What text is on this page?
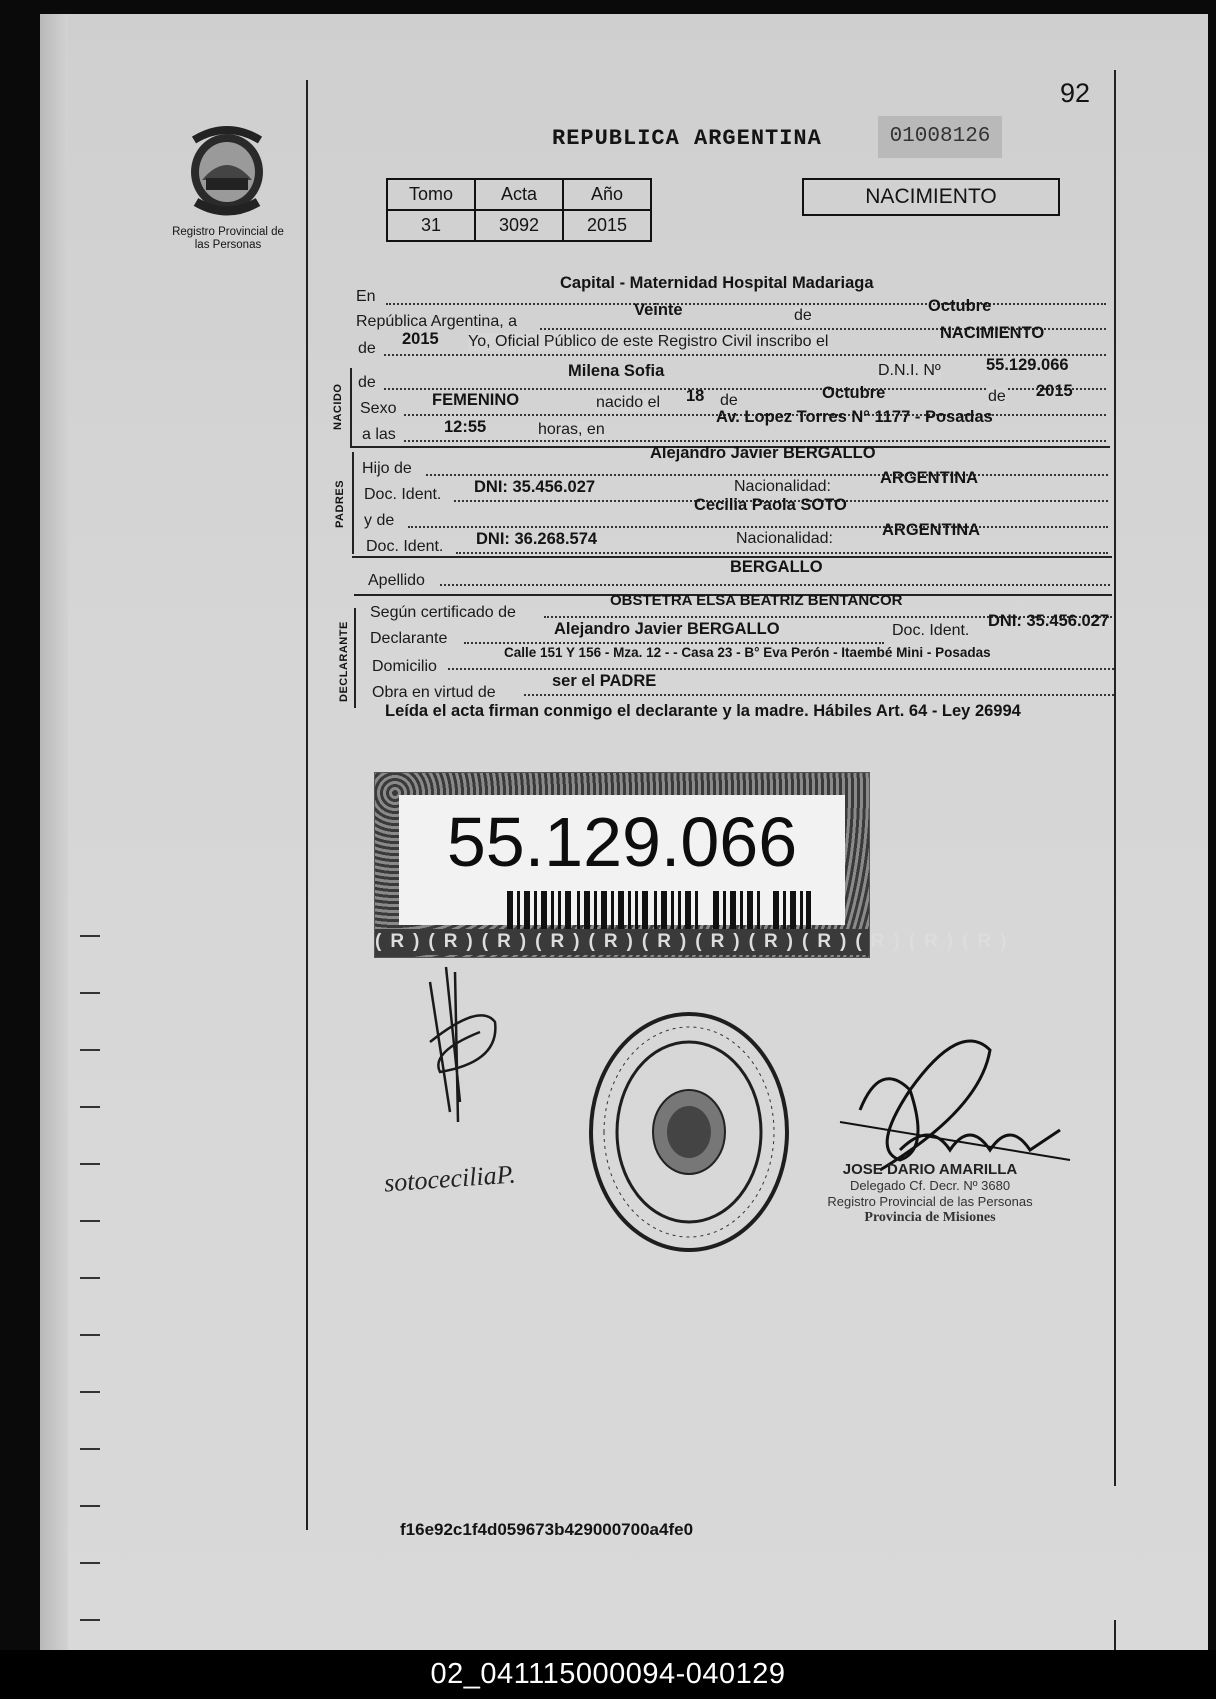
92
Registro Provincial de las Personas
REPUBLICA ARGENTINA	01008126
Tomo	Acta	Año
31	3092	2015
NACIMIENTO
En
Capital - Maternidad Hospital Madariaga
República Argentina, a
Veinte	de
Octubre
de
2015 Yo, Oficial Público de este Registro Civil inscribo el	NACIMIENTO
NACIDO
de
Milena Sofia	D.N.I. Nº	55.129.066
Sexo FEMENINO	nacido el 18 de	Octubre	de 2015
a las	12:55	horas, en
Av. Lopez Torres N° 1177 - Posadas
PADRES
Hijo de
Alejandro Javier BERGALLO
Doc. Ident. DNI: 35.456.027	Nacionalidad:	ARGENTINA
y de
Cecilia Paola SOTO
Doc. Ident. DNI: 36.268.574	Nacionalidad:	ARGENTINA
Apellido
BERGALLO
DECLARANTE
Según certificado de
OBSTETRA ELSA BEATRIZ BENTANCOR
Declarante
Alejandro Javier BERGALLO	Doc. Ident.
DNI: 35.456.027
Domicilio
Calle 151 Y 156 - Mza. 12 - - Casa 23 - B° Eva Perón - Itaembé Mini - Posadas
Obra en virtud de
ser el PADRE
Leída el acta firman conmigo el declarante y la madre. Hábiles Art. 64 - Ley 26994
55.129.066
(R)(R)(R)(R)(R)(R)(R)(R)(R)(R)(R)(R)
sotoceciliaP.	JOSE DARIO AMARILLA
Delegado Cf. Decr. Nº 3680
Registro Provincial de las Personas
Provincia de Misiones
f16e92c1f4d059673b429000700a4fe0
02_041115000094-040129
